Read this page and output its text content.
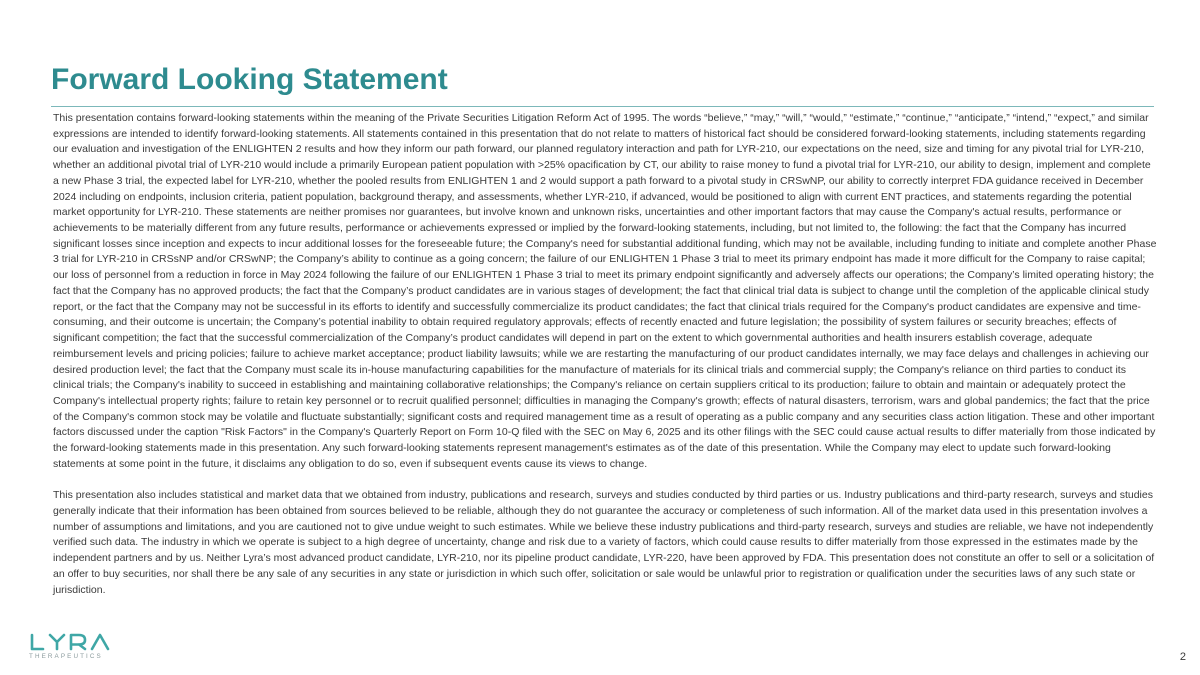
Forward Looking Statement

This presentation contains forward-looking statements within the meaning of the Private Securities Litigation Reform Act of 1995. The words “believe,” “may,” “will,” “would,” “estimate,” “continue,” “anticipate,” “intend,” “expect,” and similar expressions are intended to identify forward-looking statements. All statements contained in this presentation that do not relate to matters of historical fact should be considered forward-looking statements, including statements regarding our evaluation and investigation of the ENLIGHTEN 2 results and how they inform our path forward, our planned regulatory interaction and path for LYR-210, our expectations on the need, size and timing for any pivotal trial for LYR-210, whether an additional pivotal trial of LYR-210 would include a primarily European patient population with >25% opacification by CT, our ability to raise money to fund a pivotal trial for LYR-210, our ability to design, implement and complete a new Phase 3 trial, the expected label for LYR-210, whether the pooled results from ENLIGHTEN 1 and 2 would support a path forward to a pivotal study in CRSwNP, our ability to correctly interpret FDA guidance received in December 2024 including on endpoints, inclusion criteria, patient population, background therapy, and assessments, whether LYR-210, if advanced, would be positioned to align with current ENT practices, and statements regarding the potential market opportunity for LYR-210. These statements are neither promises nor guarantees, but involve known and unknown risks, uncertainties and other important factors that may cause the Company's actual results, performance or achievements to be materially different from any future results, performance or achievements expressed or implied by the forward-looking statements, including, but not limited to, the following: the fact that the Company has incurred significant losses since inception and expects to incur additional losses for the foreseeable future; the Company's need for substantial additional funding, which may not be available, including funding to initiate and complete another Phase 3 trial for LYR-210 in CRSsNP and/or CRSwNP; the Company’s ability to continue as a going concern; the failure of our ENLIGHTEN 1 Phase 3 trial to meet its primary endpoint has made it more difficult for the Company to raise capital; our loss of personnel from a reduction in force in May 2024 following the failure of our ENLIGHTEN 1 Phase 3 trial to meet its primary endpoint significantly and adversely affects our operations; the Company’s limited operating history; the fact that the Company has no approved products; the fact that the Company’s product candidates are in various stages of development; the fact that clinical trial data is subject to change until the completion of the applicable clinical study report, or the fact that the Company may not be successful in its efforts to identify and successfully commercialize its product candidates; the fact that clinical trials required for the Company's product candidates are expensive and time-consuming, and their outcome is uncertain; the Company’s potential inability to obtain required regulatory approvals; effects of recently enacted and future legislation; the possibility of system failures or security breaches; effects of significant competition; the fact that the successful commercialization of the Company’s product candidates will depend in part on the extent to which governmental authorities and health insurers establish coverage, adequate reimbursement levels and pricing policies; failure to achieve market acceptance; product liability lawsuits; while we are restarting the manufacturing of our product candidates internally, we may face delays and challenges in achieving our desired production level; the fact that the Company must scale its in-house manufacturing capabilities for the manufacture of materials for its clinical trials and commercial supply; the Company's reliance on third parties to conduct its clinical trials; the Company's inability to succeed in establishing and maintaining collaborative relationships; the Company's reliance on certain suppliers critical to its production; failure to obtain and maintain or adequately protect the Company's intellectual property rights; failure to retain key personnel or to recruit qualified personnel; difficulties in managing the Company's growth; effects of natural disasters, terrorism, wars and global pandemics; the fact that the price of the Company's common stock may be volatile and fluctuate substantially; significant costs and required management time as a result of operating as a public company and any securities class action litigation. These and other important factors discussed under the caption "Risk Factors" in the Company's Quarterly Report on Form 10-Q filed with the SEC on May 6, 2025 and its other filings with the SEC could cause actual results to differ materially from those indicated by the forward-looking statements made in this presentation. Any such forward-looking statements represent management's estimates as of the date of this presentation. While the Company may elect to update such forward-looking statements at some point in the future, it disclaims any obligation to do so, even if subsequent events cause its views to change.

This presentation also includes statistical and market data that we obtained from industry, publications and research, surveys and studies conducted by third parties or us. Industry publications and third-party research, surveys and studies generally indicate that their information has been obtained from sources believed to be reliable, although they do not guarantee the accuracy or completeness of such information. All of the market data used in this presentation involves a number of assumptions and limitations, and you are cautioned not to give undue weight to such estimates. While we believe these industry publications and third-party research, surveys and studies are reliable, we have not independently verified such data. The industry in which we operate is subject to a high degree of uncertainty, change and risk due to a variety of factors, which could cause results to differ materially from those expressed in the estimates made by the independent partners and by us. Neither Lyra’s most advanced product candidate, LYR-210, nor its pipeline product candidate, LYR-220, have been approved by FDA. This presentation does not constitute an offer to sell or a solicitation of an offer to buy securities, nor shall there be any sale of any securities in any state or jurisdiction in which such offer, solicitation or sale would be unlawful prior to registration or qualification under the securities laws of any such state or jurisdiction.

THERAPEUTICS	2
